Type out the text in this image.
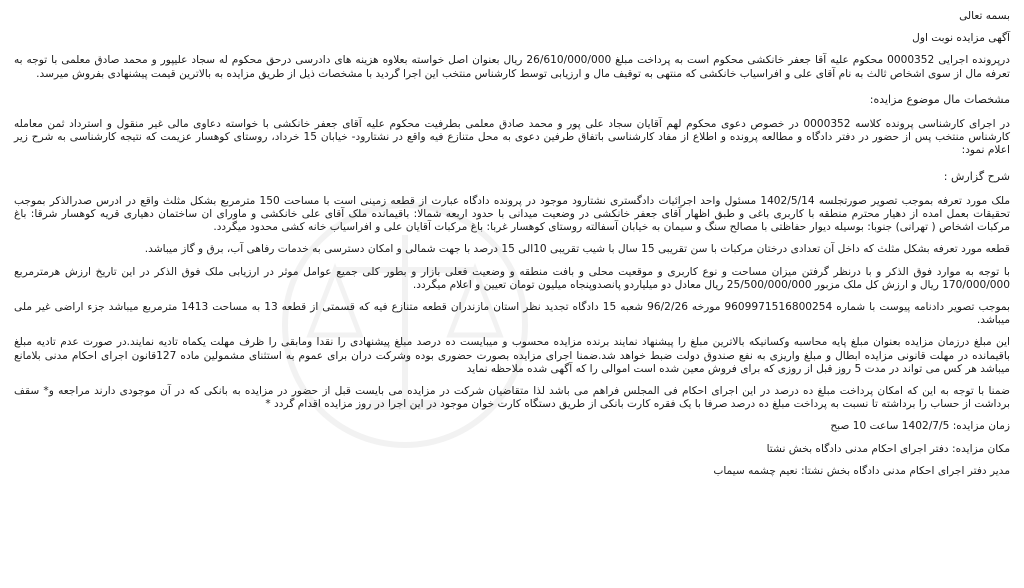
بسمه تعالی

آگهی مزایده نوبت اول

درپرونده اجرایی 0000352 محکوم علیه آقا جعفر خانکشی محکوم است به پرداخت مبلغ 26/610/000/000 ریال بعنوان اصل خواسته بعلاوه هزینه های دادرسی درحق محکوم له سجاد علیپور و محمد صادق معلمی با توجه به تعرفه مال از سوی اشخاص ثالث به نام آقای علی و افراسیاب خانکشی که منتهی به توقیف مال و ارزیابی توسط کارشناس منتخب این اجرا گردید با مشخصات ذیل از طریق مزایده به بالاترین قیمت پیشنهادی بفروش میرسد.

مشخصات مال موضوع مزایده:

در اجرای کارشناسی پرونده کلاسه 0000352 در خصوص دعوی محکوم لهم آقایان سجاد علی پور و محمد صادق معلمی بطرفیت محکوم علیه آقای جعفر خانکشی با خواسته دعاوی مالی غیر منقول و استرداد ثمن معامله کارشناس منتخب پس از حضور در دفتر دادگاه و مطالعه پرونده و اطلاع از مفاد کارشناسی باتفاق طرفین دعوی به محل متنازع فیه واقع در نشتارود- خیابان 15 خرداد، روستای کوهسار عزیمت که نتیجه کارشناسی به شرح زیر اعلام نمود:

شرح گزارش :

ملک مورد تعرفه بموجب تصویر صورتجلسه 1402/5/14 مسئول واحد اجرائیات دادگستری نشتارود موجود در پرونده دادگاه عبارت از قطعه زمینی است با مساحت 150 مترمربع بشکل مثلث واقع در ادرس صدرالذکر بموجب تحقیقات بعمل امده از دهیار محترم منطقه با کاربری باغی و طبق اظهار آقای جعفر خانکشی در وضعیت میدانی با حدود اربعه شمالا: باقیمانده ملک آقای علی خانکشی و ماورای ان ساختمان دهیاری قریه کوهسار شرقا: باغ مرکبات اشخاص ( تهرانی) جنوبا: بوسیله دیوار حفاظتی با مصالح سنگ و سیمان به خیابان آسفالته روستای کوهسار غربا: باغ مرکبات آقایان علی و افراسیاب خانه کشی محدود میگردد.

قطعه مورد تعرفه بشکل مثلث که داخل آن تعدادی درختان مرکبات با سن تقریبی 15 سال با شیب تقریبی 10الی 15 درصد با جهت شمالی و امکان دسترسی به خدمات رفاهی آب، برق و گاز میباشد.

با توجه به موارد فوق الذکر و با درنظر گرفتن میزان مساحت و نوع کاربری و موقعیت محلی و بافت منطقه و وضعیت فعلی بازار و بطور کلی جمیع عوامل موثر در ارزیابی ملک فوق الذکر در این تاریخ ارزش هرمترمربع 170/000/000 ریال و ارزش کل ملک مزبور 25/500/000/000 ریال معادل دو میلیاردو پانصدوپنجاه میلیون تومان تعیین و اعلام میگردد.

بموجب تصویر دادنامه پیوست با شماره 9609971516800254 مورخه 96/2/26 شعبه 15 دادگاه تجدید نظر استان مازندران قطعه متنازع فیه که قسمتی از قطعه 13 به مساحت 1413 مترمربع میباشد جزء اراضی غیر ملی میباشد.

این مبلغ درزمان مزایده بعنوان مبلغ پایه محاسبه وکسانیکه بالاترین مبلغ را پیشنهاد نمایند برنده مزایده محسوب و میبایست ده درصد مبلغ پیشنهادی را نقدا ومابقی را ظرف مهلت یکماه تادیه نمایند.در صورت عدم تادیه مبلغ باقیمانده در مهلت قانونی مزایده ابطال و مبلغ واریزی به نفع صندوق دولت ضبط خواهد شد.ضمنا اجرای مزایده بصورت حضوری بوده وشرکت دران برای عموم به استثنای مشمولین ماده 127قانون اجرای احکام مدنی بلامانع میباشد هر کس می تواند در مدت 5 روز قبل از روزی که برای فروش معین شده است اموالی را که آگهی شده ملاحظه نماید

ضمنا با توجه به این که امکان پرداخت مبلغ ده درصد در این اجرای احکام فی المجلس فراهم می باشد لذا متقاضیان شرکت در مزایده می بایست قبل از حضور در مزایده به بانکی که در آن موجودی دارند مراجعه و* سقف برداشت از حساب را برداشته تا نسبت به پرداخت مبلغ ده درصد صرفا با یک فقره کارت بانکی از طریق دستگاه کارت خوان موجود در این اجرا در روز مزایده اقدام گردد *

زمان مزایده: 1402/7/5 ساعت 10 صبح

مکان مزایده: دفتر اجرای احکام مدنی دادگاه بخش نشتا

مدیر دفتر اجرای احکام مدنی دادگاه بخش نشتا: نعیم چشمه سیماب
